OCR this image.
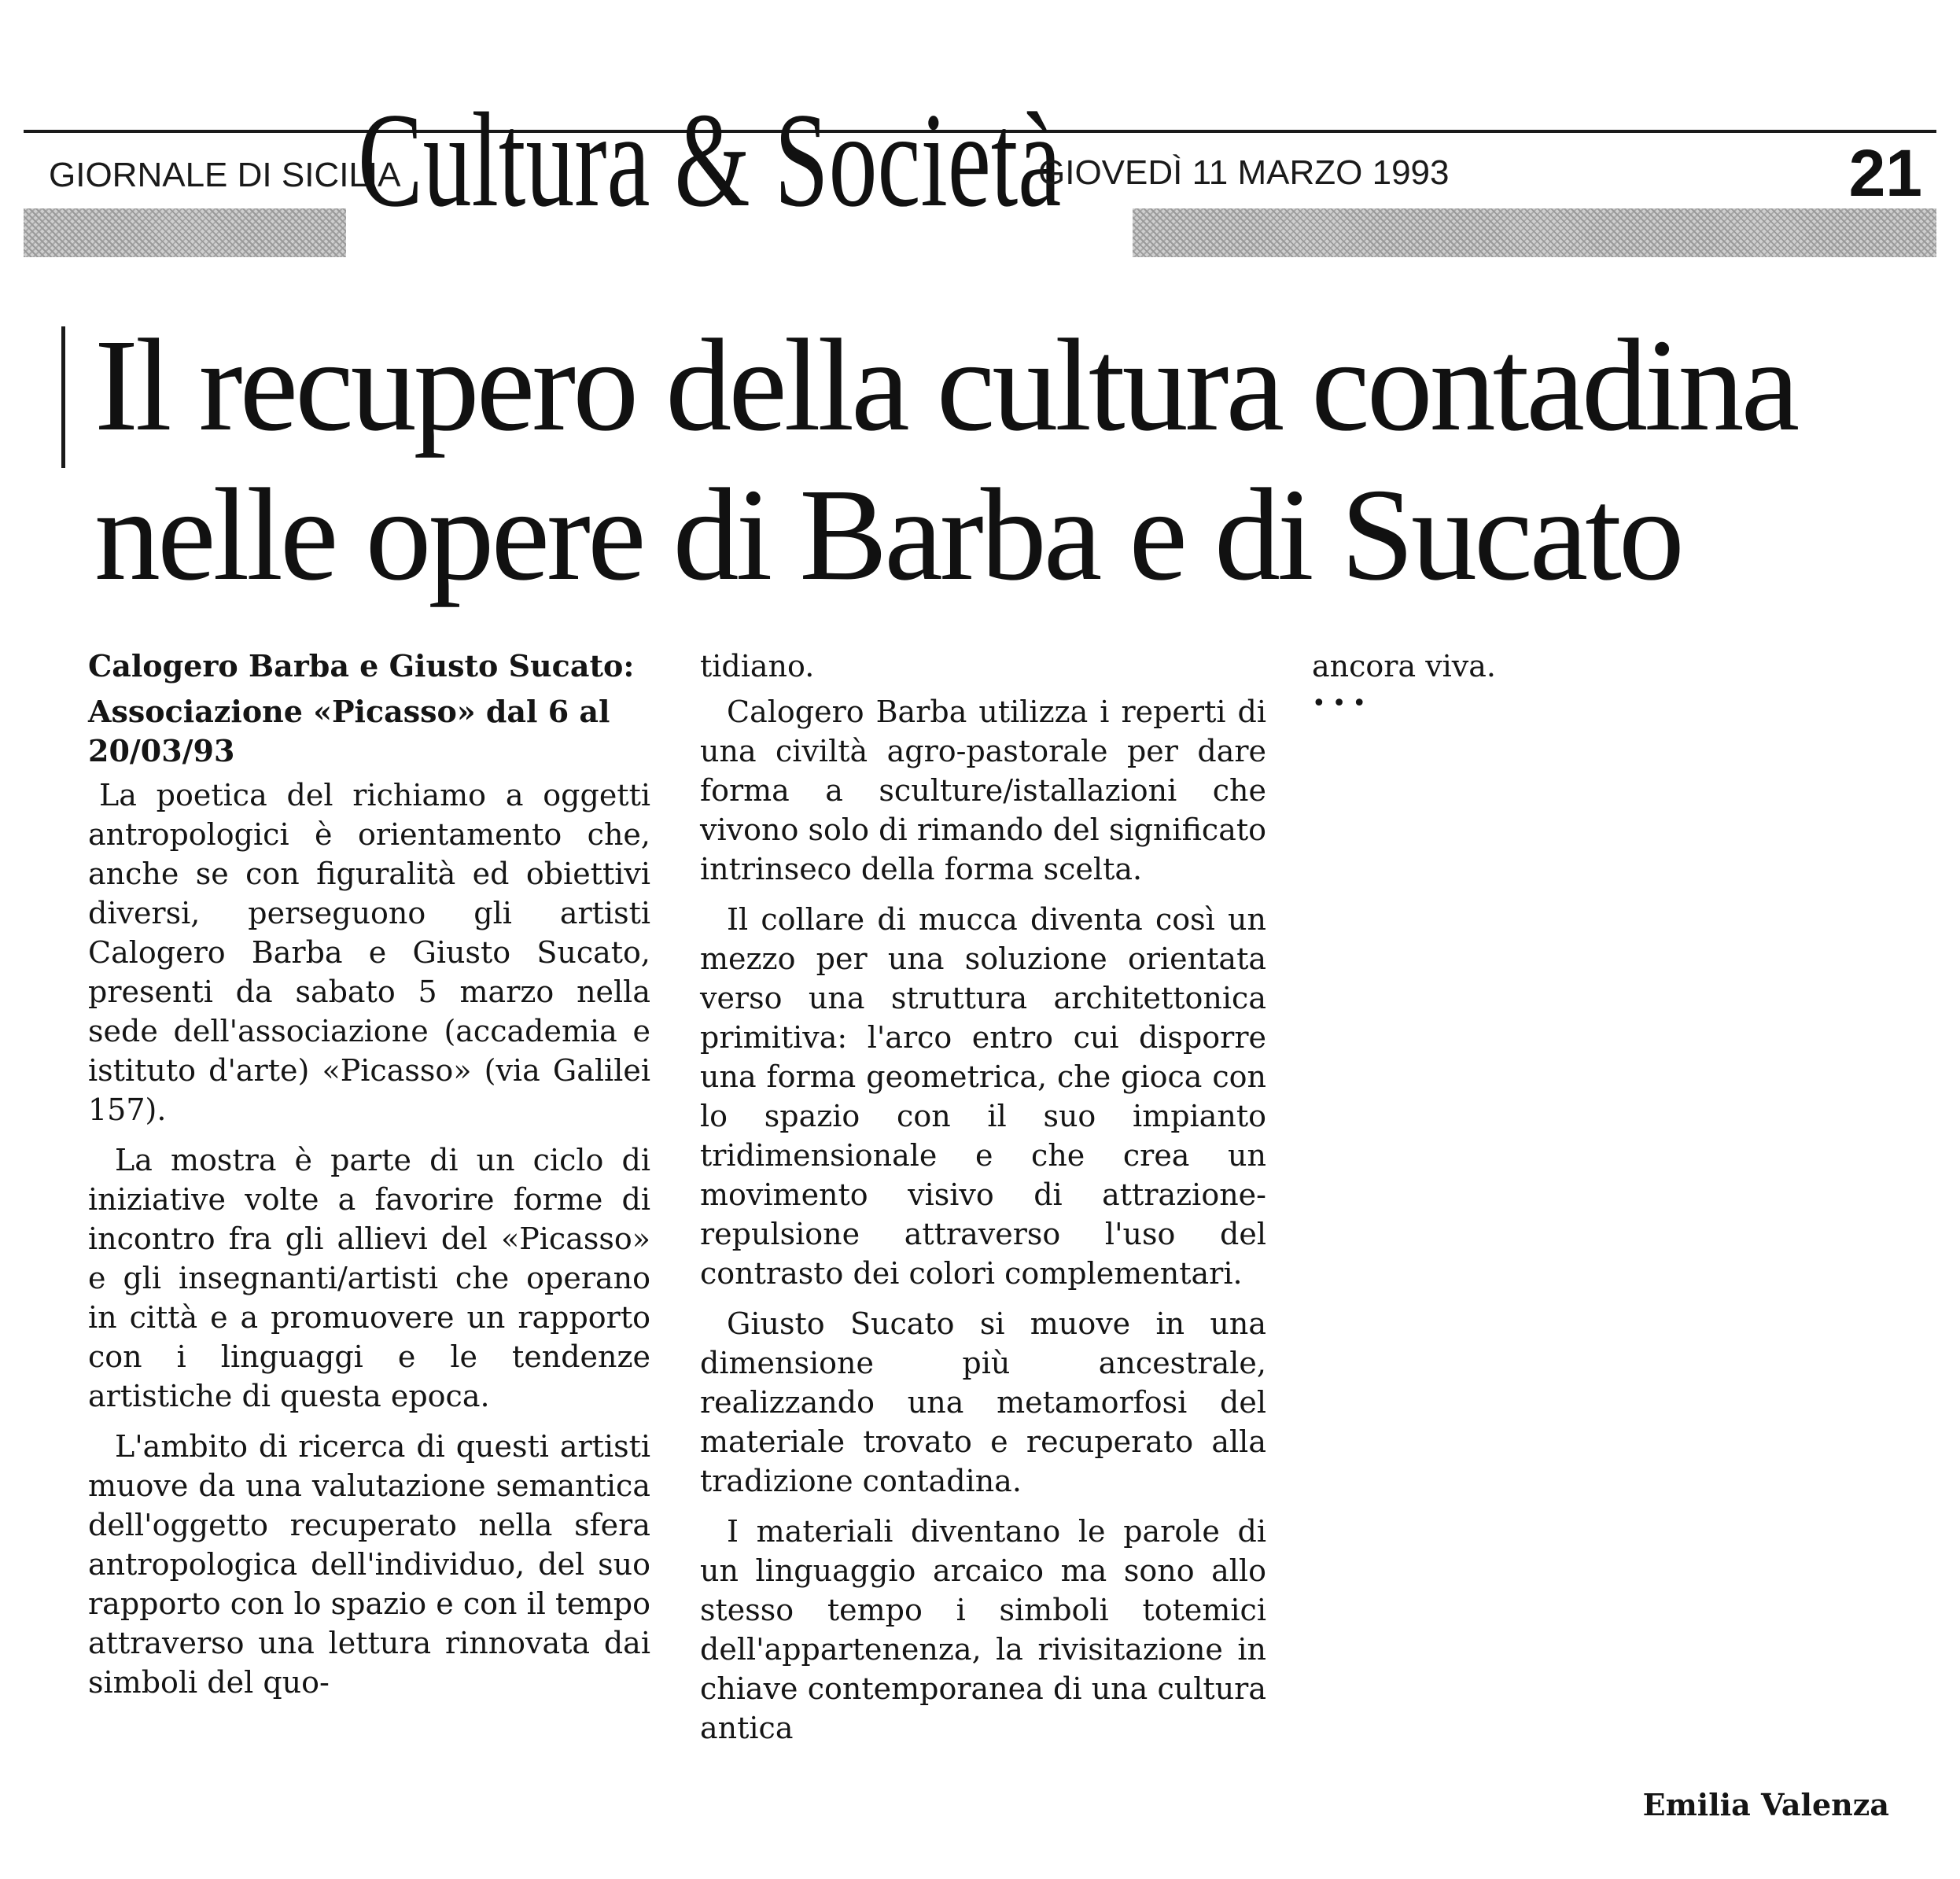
GIORNALE DI SICILIA
Cultura & Società
GIOVEDÌ 11 MARZO 1993	21
Il recupero della cultura contadina
nelle opere di Barba e di Sucato

Calogero Barba e Giusto Sucato:

Associazione «Picasso» dal 6 al 20/03/93

La poetica del richiamo a oggetti antropologici è orientamento che, anche se con figuralità ed obiettivi diversi, perseguono gli artisti Calogero Barba e Giusto Sucato, presenti da sabato 5 marzo nella sede dell'associazione (accademia e istituto d'arte) «Picasso» (via Galilei 157).

La mostra è parte di un ciclo di iniziative volte a favorire forme di incontro fra gli allievi del «Picasso» e gli insegnanti/artisti che operano in città e a promuovere un rapporto con i linguaggi e le tendenze artistiche di questa epoca.

L'ambito di ricerca di questi artisti muove da una valutazione semantica dell'oggetto recuperato nella sfera antropologica dell'individuo, del suo rapporto con lo spazio e con il tempo attraverso una lettura rinnovata dai simboli del quo-

tidiano.

Calogero Barba utilizza i reperti di una civiltà agro-pastorale per dare forma a sculture/istallazioni che vivono solo di rimando del significato intrinseco della forma scelta.

Il collare di mucca diventa così un mezzo per una soluzione orientata verso una struttura architettonica primitiva: l'arco entro cui disporre una forma geometrica, che gioca con lo spazio con il suo impianto tridimensionale e che crea un movimento visivo di attrazione-repulsione attraverso l'uso del contrasto dei colori complementari.

Giusto Sucato si muove in una dimensione più ancestrale, realizzando una metamorfosi del materiale trovato e recuperato alla tradizione contadina.

I materiali diventano le parole di un linguaggio arcaico ma sono allo stesso tempo i simboli totemici dell'appartenenza, la rivisitazione in chiave contemporanea di una cultura antica

ancora viva.

•••
Emilia Valenza
